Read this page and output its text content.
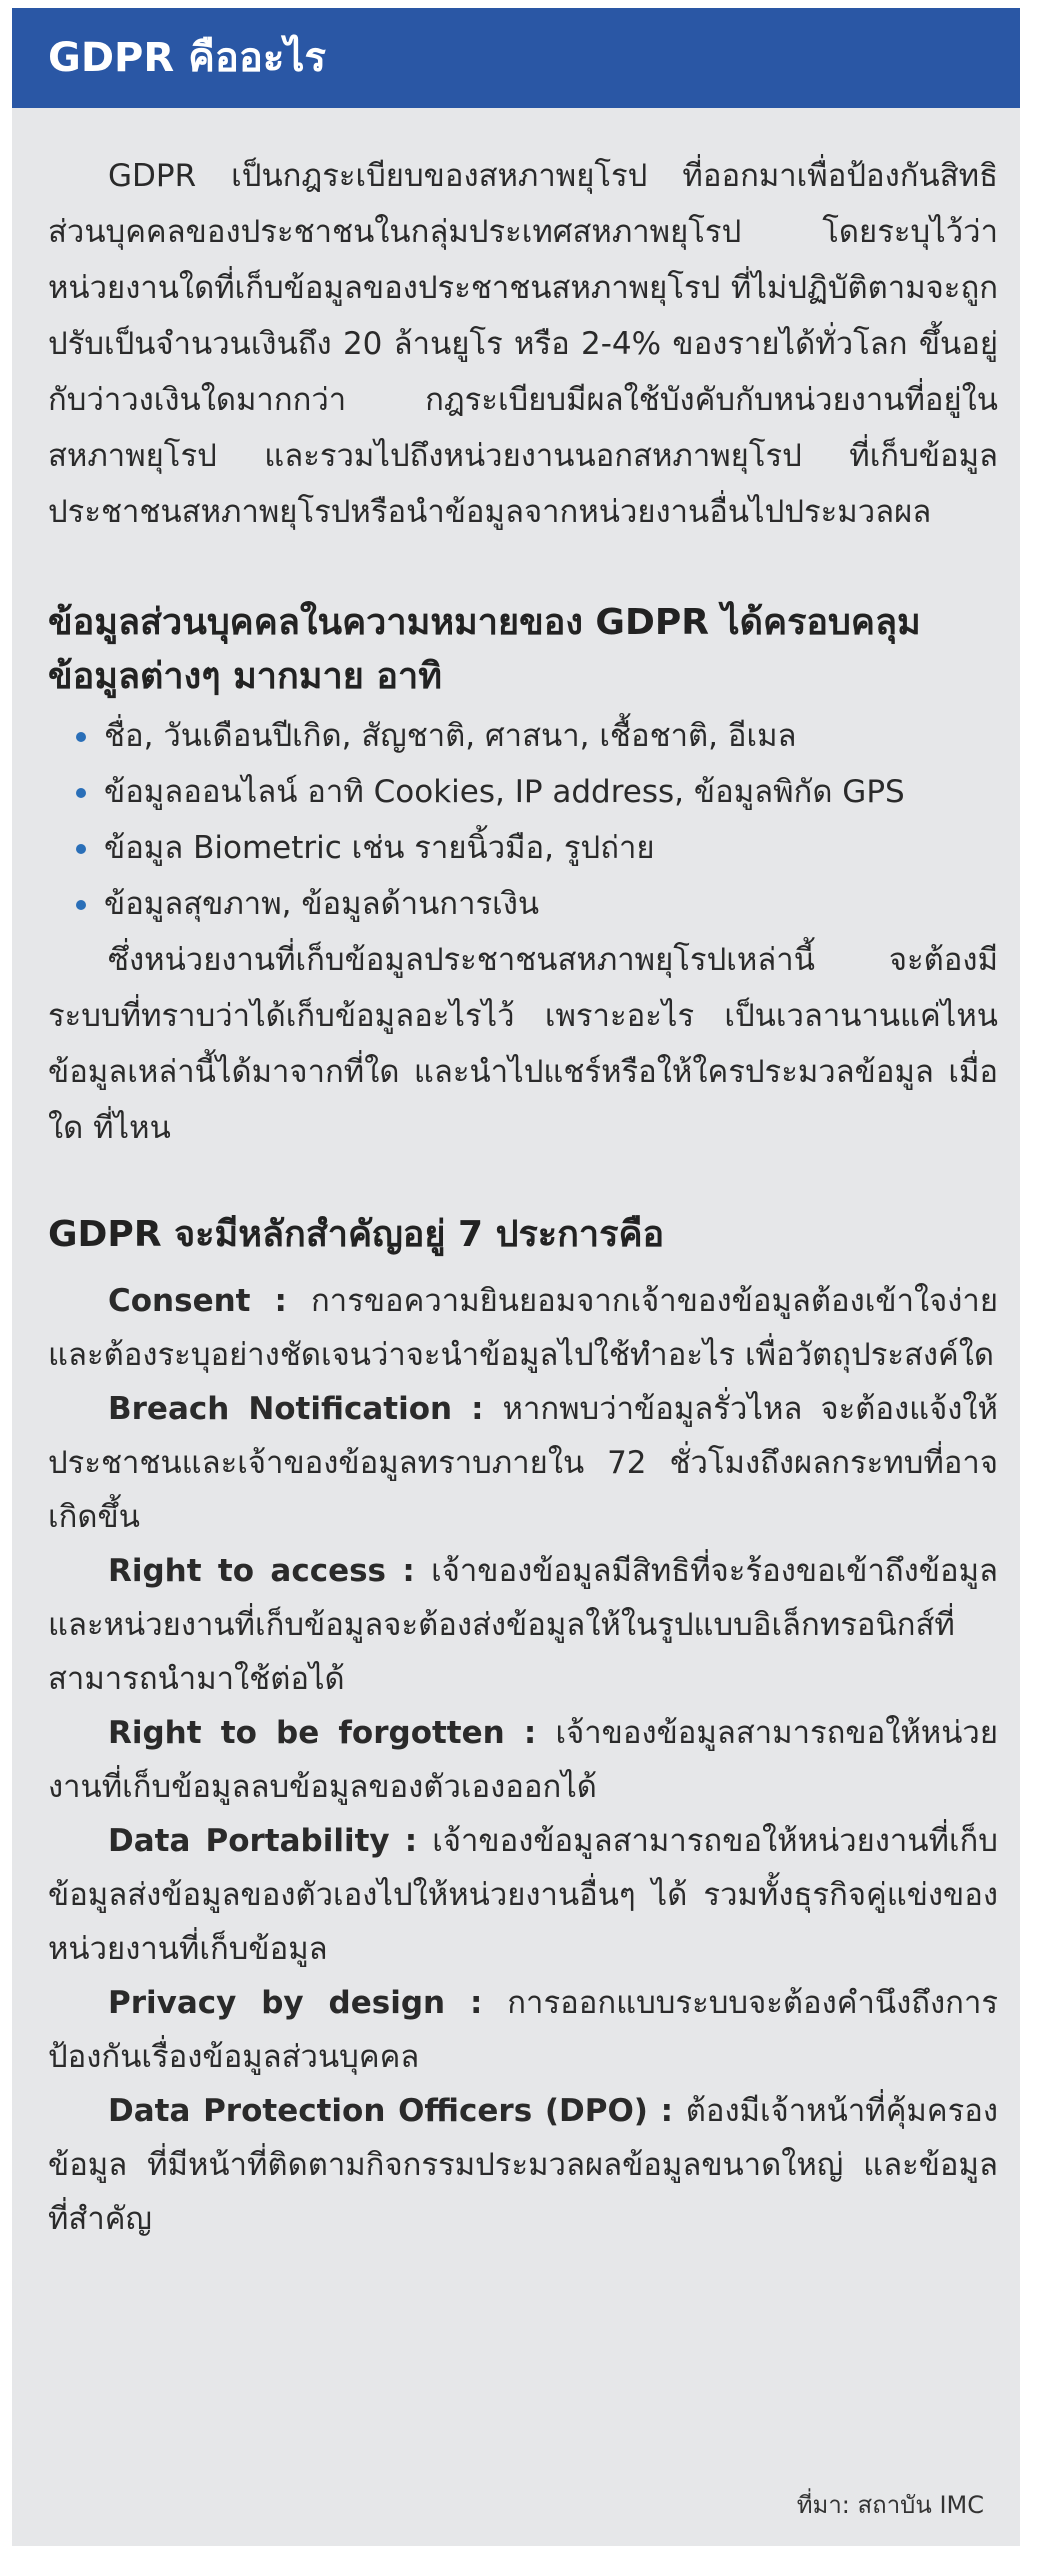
GDPR คืออะไร

GDPR เป็นกฎระเบียบของสหภาพยุโรป ที่ออกมาเพื่อป้องกันสิทธิส่วนบุคคลของประชาชนในกลุ่มประเทศสหภาพยุโรป โดยระบุไว้ว่า หน่วยงานใดที่เก็บข้อมูลของประชาชนสหภาพยุโรป ที่ไม่ปฏิบัติตามจะถูกปรับเป็นจำนวนเงินถึง 20 ล้านยูโร หรือ 2-4% ของรายได้ทั่วโลก ขึ้นอยู่กับว่าวงเงินใดมากกว่า กฎระเบียบมีผลใช้บังคับกับหน่วยงานที่อยู่ในสหภาพยุโรป และรวมไปถึงหน่วยงานนอกสหภาพยุโรป ที่เก็บข้อมูลประชาชนสหภาพยุโรปหรือนำข้อมูลจากหน่วยงานอื่นไปประมวลผล

ข้อมูลส่วนบุคคลในความหมายของ GDPR ได้ครอบคลุมข้อมูลต่างๆ มากมาย อาทิ
ชื่อ, วันเดือนปีเกิด, สัญชาติ, ศาสนา, เชื้อชาติ, อีเมล
ข้อมูลออนไลน์ อาทิ Cookies, IP address, ข้อมูลพิกัด GPS
ข้อมูล Biometric เช่น รายนิ้วมือ, รูปถ่าย
ข้อมูลสุขภาพ, ข้อมูลด้านการเงิน

ซึ่งหน่วยงานที่เก็บข้อมูลประชาชนสหภาพยุโรปเหล่านี้ จะต้องมีระบบที่ทราบว่าได้เก็บข้อมูลอะไรไว้ เพราะอะไร เป็นเวลานานแค่ไหน ข้อมูลเหล่านี้ได้มาจากที่ใด และนำไปแชร์หรือให้ใครประมวลข้อมูล เมื่อใด ที่ไหน

GDPR จะมีหลักสำคัญอยู่ 7 ประการคือ

Consent : การขอความยินยอมจากเจ้าของข้อมูลต้องเข้าใจง่าย และต้องระบุอย่างชัดเจนว่าจะนำข้อมูลไปใช้ทำอะไร เพื่อวัตถุประสงค์ใด

Breach Notification : หากพบว่าข้อมูลรั่วไหล จะต้องแจ้งให้ประชาชนและเจ้าของข้อมูลทราบภายใน 72 ชั่วโมงถึงผลกระทบที่อาจเกิดขึ้น

Right to access : เจ้าของข้อมูลมีสิทธิที่จะร้องขอเข้าถึงข้อมูล และหน่วยงานที่เก็บข้อมูลจะต้องส่งข้อมูลให้ในรูปแบบอิเล็กทรอนิกส์ที่สามารถนำมาใช้ต่อได้

Right to be forgotten : เจ้าของข้อมูลสามารถขอให้หน่วยงานที่เก็บข้อมูลลบข้อมูลของตัวเองออกได้

Data Portability : เจ้าของข้อมูลสามารถขอให้หน่วยงานที่เก็บข้อมูลส่งข้อมูลของตัวเองไปให้หน่วยงานอื่นๆ ได้ รวมทั้งธุรกิจคู่แข่งของหน่วยงานที่เก็บข้อมูล

Privacy by design : การออกแบบระบบจะต้องคำนึงถึงการป้องกันเรื่องข้อมูลส่วนบุคคล

Data Protection Officers (DPO) : ต้องมีเจ้าหน้าที่คุ้มครองข้อมูล ที่มีหน้าที่ติดตามกิจกรรมประมวลผลข้อมูลขนาดใหญ่ และข้อมูลที่สำคัญ

ที่มา: สถาบัน IMC
